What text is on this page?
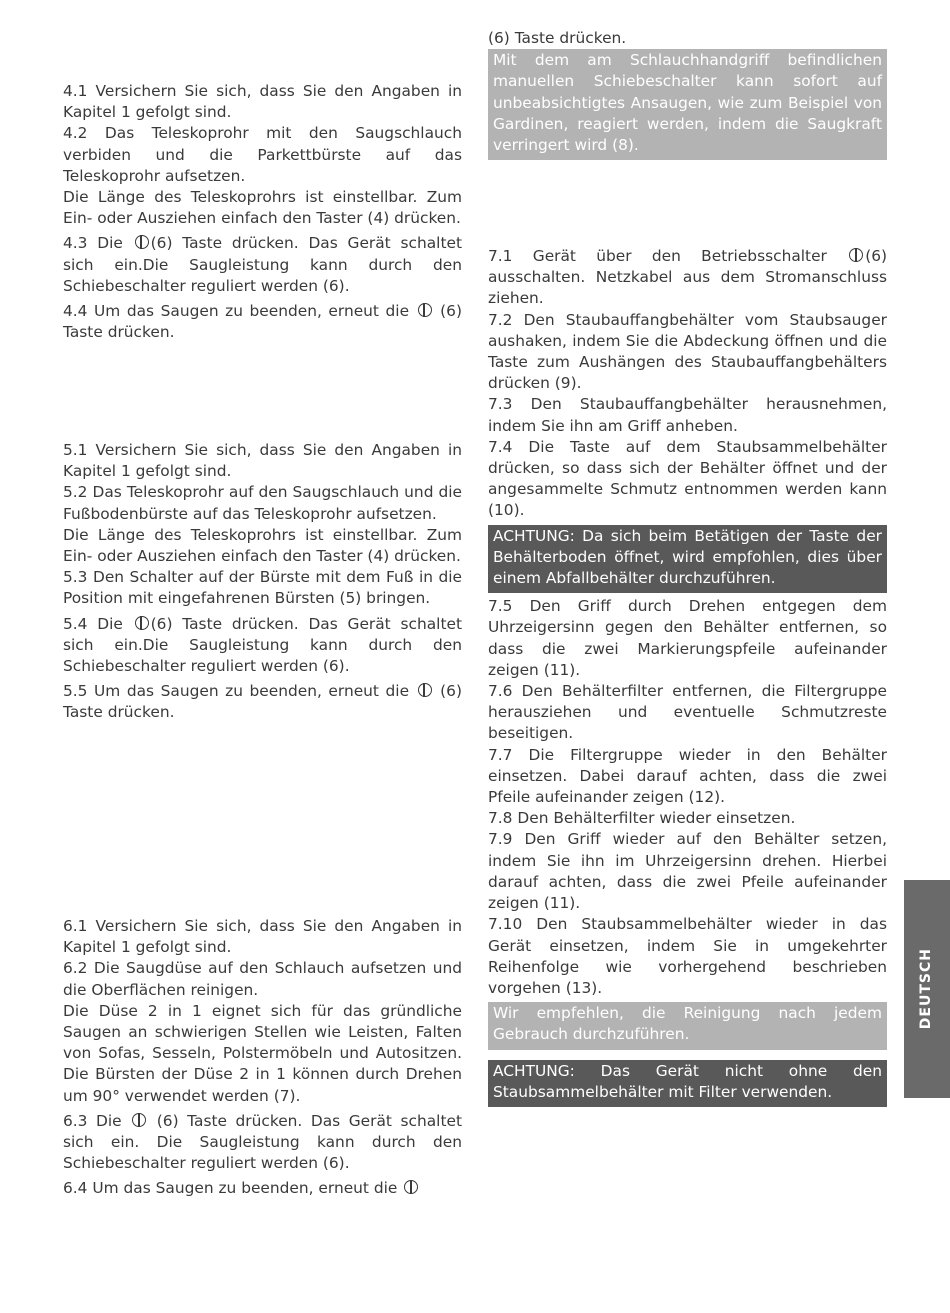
4.1 Versichern Sie sich, dass Sie den Angaben in Kapitel 1 gefolgt sind.

4.2 Das Teleskoprohr mit den Saugschlauch verbiden und die Parkettbürste auf das Teleskoprohr aufsetzen.

Die Länge des Teleskoprohrs ist einstellbar. Zum Ein- oder Ausziehen einfach den Taster (4) drücken.

4.3 Die (6) Taste drücken. Das Gerät schaltet sich ein.Die Saugleistung kann durch den Schiebeschalter reguliert werden (6).

4.4 Um das Saugen zu beenden, erneut die (6) Taste drücken.

5.1 Versichern Sie sich, dass Sie den Angaben in Kapitel 1 gefolgt sind.

5.2 Das Teleskoprohr auf den Saugschlauch und die Fußbodenbürste auf das Teleskoprohr aufsetzen.

Die Länge des Teleskoprohrs ist einstellbar. Zum Ein- oder Ausziehen einfach den Taster (4) drücken.

5.3 Den Schalter auf der Bürste mit dem Fuß in die Position mit eingefahrenen Bürsten (5) bringen.

5.4 Die (6) Taste drücken. Das Gerät schaltet sich ein.Die Saugleistung kann durch den Schiebeschalter reguliert werden (6).

5.5 Um das Saugen zu beenden, erneut die (6) Taste drücken.

6.1 Versichern Sie sich, dass Sie den Angaben in Kapitel 1 gefolgt sind.

6.2 Die Saugdüse auf den Schlauch aufsetzen und die Oberflächen reinigen.

Die Düse 2 in 1 eignet sich für das gründliche Saugen an schwierigen Stellen wie Leisten, Falten von Sofas, Sesseln, Polstermöbeln und Autositzen. Die Bürsten der Düse 2 in 1 können durch Drehen um 90° verwendet werden (7).

6.3 Die (6) Taste drücken. Das Gerät schaltet sich ein. Die Saugleistung kann durch den Schiebeschalter reguliert werden (6).

6.4 Um das Saugen zu beenden, erneut die

(6) Taste drücken.

Mit dem am Schlauchhandgriff befindlichen manuellen Schiebeschalter kann sofort auf unbeabsichtigtes Ansaugen, wie zum Beispiel von Gardinen, reagiert werden, indem die Saugkraft verringert wird (8).

7.1 Gerät über den Betriebsschalter (6) ausschalten. Netzkabel aus dem Stromanschluss ziehen.

7.2 Den Staubauffangbehälter vom Staubsauger aushaken, indem Sie die Abdeckung öffnen und die Taste zum Aushängen des Staubauffangbehälters drücken (9).

7.3 Den Staubauffangbehälter herausnehmen, indem Sie ihn am Griff anheben.

7.4 Die Taste auf dem Staubsammelbehälter drücken, so dass sich der Behälter öffnet und der angesammelte Schmutz entnommen werden kann (10).

ACHTUNG: Da sich beim Betätigen der Taste der Behälterboden öffnet, wird empfohlen, dies über einem Abfallbehälter durchzuführen.

7.5 Den Griff durch Drehen entgegen dem Uhrzeigersinn gegen den Behälter entfernen, so dass die zwei Markierungspfeile aufeinander zeigen (11).

7.6 Den Behälterfilter entfernen, die Filtergruppe herausziehen und eventuelle Schmutzreste beseitigen.

7.7 Die Filtergruppe wieder in den Behälter einsetzen. Dabei darauf achten, dass die zwei Pfeile aufeinander zeigen (12).

7.8 Den Behälterfilter wieder einsetzen.

7.9 Den Griff wieder auf den Behälter setzen, indem Sie ihn im Uhrzeigersinn drehen. Hierbei darauf achten, dass die zwei Pfeile aufeinander zeigen (11).

7.10 Den Staubsammelbehälter wieder in das Gerät einsetzen, indem Sie in umgekehrter Reihenfolge wie vorhergehend beschrieben vorgehen (13).

Wir empfehlen, die Reinigung nach jedem Gebrauch durchzuführen.

ACHTUNG: Das Gerät nicht ohne den Staubsammelbehälter mit Filter verwenden.

DEUTSCH
